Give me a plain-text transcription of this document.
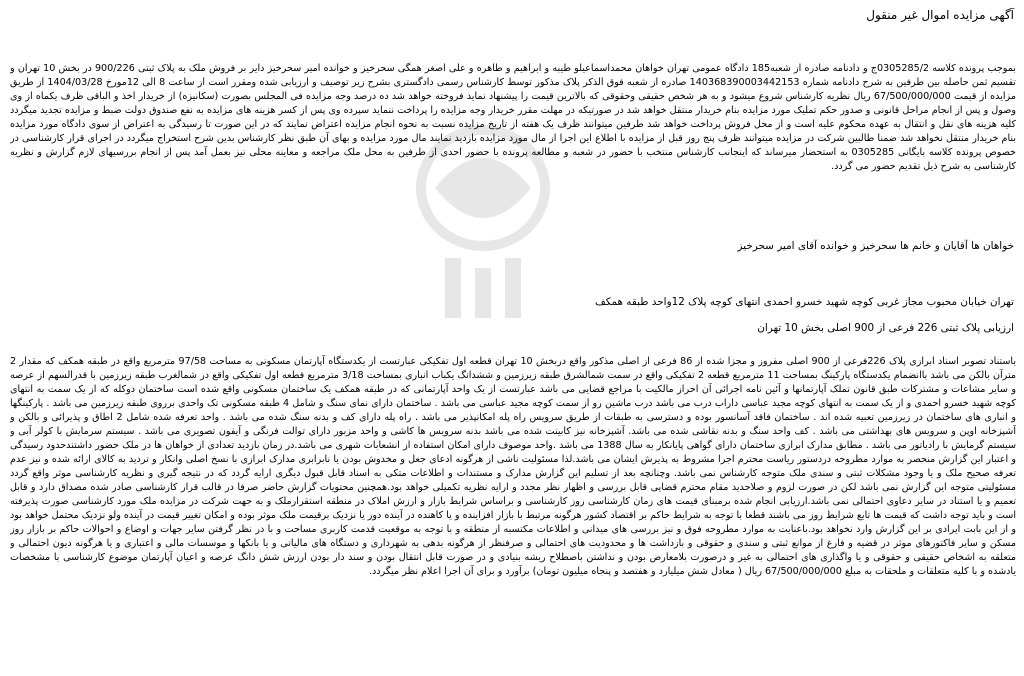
آگهی مزایده اموال غیر منقول
بموجب پرونده کلاسه 0305285/2ج و دادنامه صادره از شعبه185 دادگاه عمومی تهران خواهان محمداسماعیلو طیبه و ابراهیم و طاهره و علی اصغر همگی سحرخیز و خوانده امیر سحرخیز دایر بر فروش ملک به پلاک ثبتی 900/226 در بخش 10 تهران و تقسیم ثمن حاصله بین طرفین به شرح دادنامه شماره 140368390003442153 صادره از شعبه فوق الذکر پلاک مذکور توسط کارشناس رسمی دادگستری بشرح زیر توصیف و ارزیابی شده ومقرر است از ساعت 8 الی 12مورخ 1404/03/28 از طریق مزایده از قیمت 67/500/000/000 ریال نظریه کارشناس شروع میشود و به هر شخص حقیقی وحقوقی که بالاترین قیمت را پیشنهاد نماید فروخته خواهد شد ده درصد وجه مزایده فی المجلس بصورت (سکانیزه) از خریدار اخذ و الباقی ظرف یکماه از وی وصول و پس از انجام مراحل قانونی و صدور حکم تملیک مورد مزایده بنام خریدار منتقل خواهد شد در صورتیکه در مهلت مقرر خریدار وجه مزایده را پرداخت ننماید سپرده وی پس از کسر هزینه های مزایده به نفع صندوق دولت ضبط و مزایده تجدید میگردد کلیه هزینه های نقل و انتقال به عهده محکوم علیه است و از محل فروش پرداخت خواهد شد طرفین میتوانند ظرف یک هفته از تاریخ مزایده نسبت به نحوه انجام مزایده اعتراض نمایند که در این صورت تا رسیدگی به اعتراض از سوی دادگاه مورد مزایده بنام خریدار منتقل نخواهد شد ضمنا طالبین شرکت در مزایده میتوانند ظرف پنج روز قبل از مزایده با اطلاع این اجرا از مال مورد مزایده بازدید نمایند مال مورد مزایده و بهای آن طبق نظر کارشناس بدین شرح استخراج میگردد در اجرای قرار کارشناسی در خصوص پرونده کلاسه بایگانی 0305285 به استحضار میرساند که اینجانب کارشناس منتخب با حضور در شعبه و مطالعه پرونده با حضور احدی از طرفین به محل ملک مراجعه و معاینه محلی نیز بعمل آمد پس از انجام بررسیهای لازم گزارش و نظریه کارشناسی به شرح ذیل تقدیم حضور می گردد.
خواهان ها آقایان و خانم ها سحرخیز و خوانده آقای امیر سحرخیز
تهران خیابان محبوب مجاز غربی کوچه شهید خسرو احمدی انتهای کوچه پلاک 12واحد طبقه همکف
ارزیابی پلاک ثبتی 226 فرعی از 900 اصلی بخش 10 تهران
باستناد تصویر اسناد ابرازی پلاک 226فرعی از 900 اصلی مفروز و مجزا شده از 86 فرعی از اصلی مذکور واقع دربخش 10 تهران قطعه اول تفکیکی عبارتست از یکدستگاه آپارتمان مسکونی به مساحت 97/58 مترمربع واقع در طبقه همکف که مقدار 2 مترآن بالکن می باشد باانضمام یکدستگاه پارکینگ بمساحت 11 مترمربع قطعه 2 تفکیکی واقع در سمت شمالشرق طبقه زیرزمین و ششدانگ یکباب انباری بمساحت 3/18 مترمربع قطعه اول تفکیکی واقع در شمالغرب طبقه زیرزمین با قدرالسهم از عرصه و سایر مشاعات و مشترکات طبق قانون تملک آپارتمانها و آئین نامه اجرائی آن احراز مالکیت با مراجع قضایی می باشد عبارتست از یک واحد آپارتمانی که در طبقه همکف یک ساختمان مسکونی واقع شده است ساختمان دوکله که از یک سمت به انتهای کوچه شهید خسرو احمدی و از یک سمت به انتهای کوچه مجید عباسی داراب درب می باشد درب ماشین رو از سمت کوچه مجید عباسی می باشد . ساختمان دارای نمای سنگ و شامل 4 طبقه مسکونی تک واحدی برروی طبقه زیرزمین می باشد . پارکینگها و انباری های ساختمان در زیرزمین تعبیه شده اند . ساختمان فاقد آسانسور بوده و دسترسی به طبقات از طریق سرویس راه پله امکانپذیر می باشد . راه پله دارای کف و بدنه سنگ شده می باشد . واحد تعرفه شده شامل 2 اطاق و پذیرائی و بالکن و آشپزخانه اوپن و سرویس های بهداشتی می باشد . کف واحد سنگ و بدنه نقاشی شده می باشد. آشپزخانه نیز کابینت شده می باشد بدنه سرویس ها کاشی و واحد مزبور دارای توالت فرنگی و آیفون تصویری می باشد . سیستم سرمایش با کولر آبی و سیستم گرمایش با رادیاتور می باشد . مطابق مدارک ابرازی ساختمان دارای گواهی پایانکار به سال 1388 می باشد .واحد موصوف دارای امکان استفاده از انشعابات شهری می باشد.در زمان بازدید تعدادی از خواهان ها در ملک حضور داشتندحدود رسیدگی و اعتبار این گزارش منحصر به موارد مطروحه دردستور ریاست محترم اجرا مشروط به پذیرش ایشان می باشد.لذا مسئولیت ناشی از هرگونه ادعای جعل و مخدوش بودن یا نابرابری مدارک ابرازی با نسخ اصلی وانکار و تردید به کالای ارائه شده و نیز عدم تعرفه صحیح ملک و یا وجود مشکلات ثبتی و سندی ملک متوجه کارشناس نمی باشد. وچنانچه بعد از تسلیم این گزارش مدارک و مستندات و اطلاعات متکی به اسناد قابل قبول دیگری ارایه گردد که در نتیجه گیری و نظریه کارشناسی موثر واقع گردد مسئولیتی متوجه این گزارش نمی باشد لکن در صورت لزوم و صلاحدید مقام محترم قضایی قابل بررسی و اظهار نظر مجدد و ارایه نظریه تکمیلی خواهد بود.همچنین محتویات گزارش حاضر صرفا در قالب قرار کارشناسی صادر شده مصداق دارد و قابل تعمیم و یا استناد در سایر دعاوی احتمالی نمی باشد.ارزیابی انجام شده برمبنای قیمت های زمان کارشناسی روز کارشناسی و براساس شرایط بازار و ارزش املاک در منطقه استقرارملک و به جهت شرکت در مزایده ملک مورد کارشناسی صورت پذیرفته است و باید توجه داشت که قیمت ها تابع شرایط روز می باشند قطعا با توجه به شرایط حاکم بر اقتصاد کشور هرگونه مرتبط با بازار افزاینده و یا کاهنده در آینده دور یا نزدیک برقیمت ملک موثر بوده و امکان تغییر قیمت در آینده ولو نزدیک محتمل خواهد بود و از این بابت ایرادی بر این گزارش وارد نخواهد بود.باعنایت به موارد مطروحه فوق و نیز بررسی های میدانی و اطلاعات مکتسبه از منطقه و با توجه به موقعیت قدمت کاربری مساحت و با در نظر گرفتن سایر جهات و اوضاع و احوالات حاکم بر بازار روز مسکن و سایر فاکتورهای موثر در قضیه و فارغ از موانع ثبتی و سندی و حقوقی و بازداشت ها و محدودیت های احتمالی و صرفنظر از هرگونه بدهی به شهرداری و دستگاه های مالیاتی و یا بانکها و موسسات مالی و اعتباری و یا هرگونه دیون احتمالی و متعلقه به اشخاص حقیقی و حقوقی و یا واگذاری های احتمالی به غیر و درصورت بلامعارض بودن و نداشتن باصطلاح ریشه بنیادی و در صورت قابل انتقال بودن و سند دار بودن ارزش شش دانگ عرصه و اعیان آپارتمان موضوع کارشناسی با مشخصات یادشده و با کلیه متعلقات و ملحقات به مبلغ 67/500/000/000 ریال ( معادل شش میلیارد و هفتصد و پنجاه میلیون تومان) برآورد و برای آن اجرا اعلام نظر میگردد.
